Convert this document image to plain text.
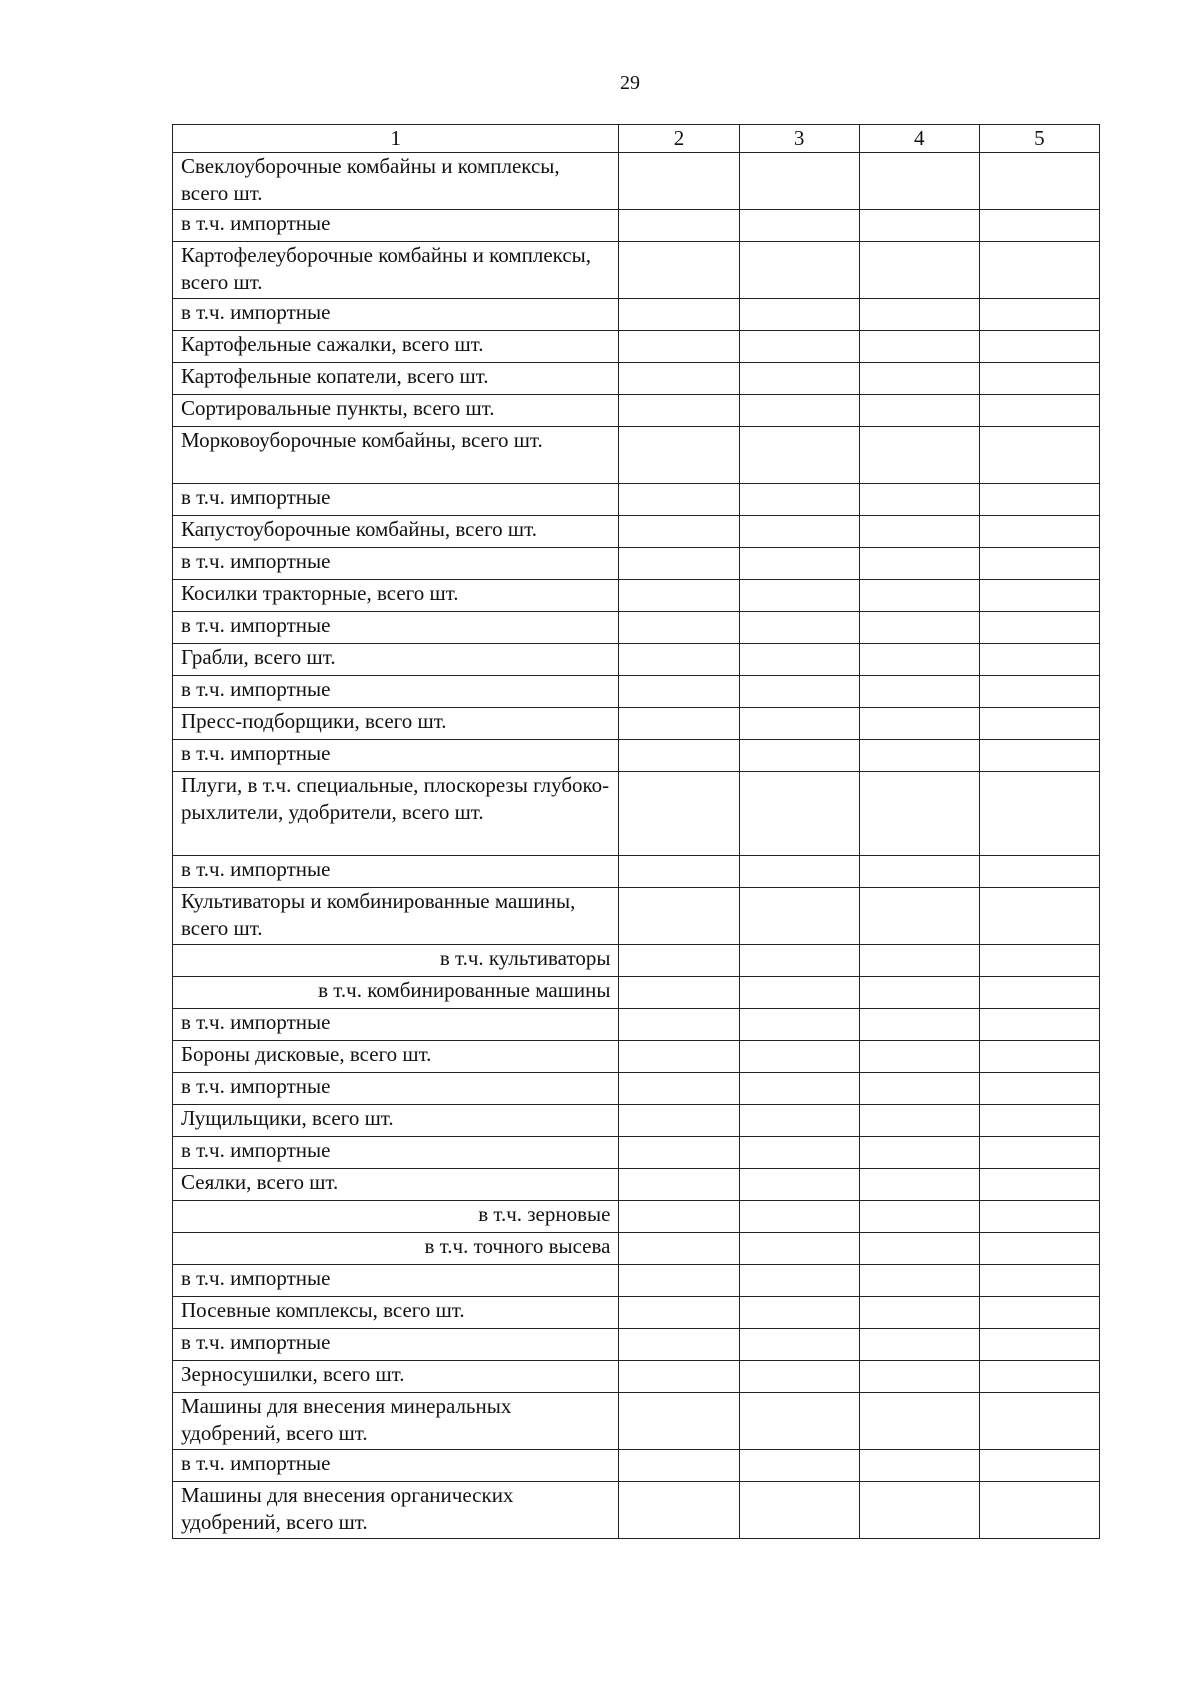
29
1	2	3	4	5
Свеклоуборочные комбайны и комплексы, всего шт.				
в т.ч. импортные				
Картофелеуборочные комбайны и комплексы, всего шт.				
в т.ч. импортные				
Картофельные сажалки, всего шт.				
Картофельные копатели, всего шт.				
Сортировальные пункты, всего шт.				
Морковоуборочные комбайны, всего шт.				
в т.ч. импортные				
Капустоуборочные комбайны, всего шт.				
в т.ч. импортные				
Косилки тракторные, всего шт.				
в т.ч. импортные				
Грабли, всего шт.				
в т.ч. импортные				
Пресс-подборщики, всего шт.				
в т.ч. импортные				
Плуги, в т.ч. специальные, плоскорезы глубоко-рыхлители, удобрители, всего шт.				
в т.ч. импортные				
Культиваторы и комбинированные машины, всего шт.				
в т.ч. культиваторы				
в т.ч. комбинированные машины				
в т.ч. импортные				
Бороны дисковые, всего шт.				
в т.ч. импортные				
Лущильщики, всего шт.				
в т.ч. импортные				
Сеялки, всего шт.				
в т.ч. зерновые				
в т.ч. точного высева				
в т.ч. импортные				
Посевные комплексы, всего шт.				
в т.ч. импортные				
Зерносушилки, всего шт.				
Машины для внесения минеральных удобрений, всего шт.				
в т.ч. импортные				
Машины для внесения органических удобрений, всего шт.				
